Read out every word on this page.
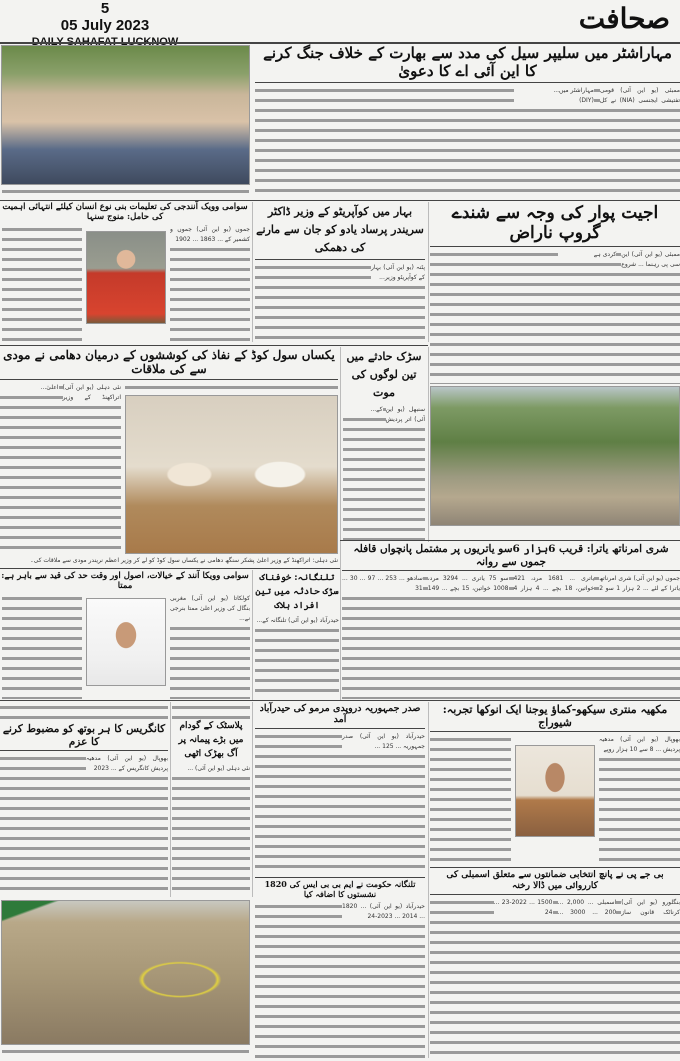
5
05 July 2023	صحافت
مہاراشٹر میں سلیپر سیل کی مدد سے بھارت کے خلاف جنگ کرنے کا این آئی اے کا دعویٰ
ممبئی (یو این آئی) قومی تفتیشی ایجنسی (NIA) نے کل مہاراشٹر میں...
(DIY)
سوامی وویک آنندجی کی تعلیمات بنی نوع انسان کیلئے انتہائی اہمیت کی حامل: منوج سنہا
جموں (یو این آئی) جموں و کشمیر کے ... 1863 ... 1902
بہار میں کوآپریٹو کے وزیر ڈاکٹر سریندر پرساد یادو کو جان سے مارنے کی دھمکی
پٹنہ (یو این آئی) بہار کے کوآپریٹو وزیر...
اجیت پوار کی وجہ سے شندے گروپ ناراض
ممبئی (یو این آئی) این سی پی رہنما ... شروع کردی ہے
یکساں سول کوڈ کے نفاذ کی کوششوں کے درمیان دھامی نے مودی سے کی ملاقات
نئی دہلی (یو این آئی) اتراکھنڈ کے وزیر اعلیٰ...
نئی دہلی: اتراکھنڈ کے وزیر اعلیٰ پشکر سنگھ دھامی نے یکساں سول کوڈ کو لے کر وزیر اعظم نریندر مودی سے ملاقات کی۔
سڑک حادثے میں تین لوگوں کی موت
سنبھل (یو این آئی) اتر پردیش کے...
شری امرناتھ یاترا: قریب 6ہزار 6سو یاتریوں پر مشتمل پانچواں قافلہ جموں سے روانہ
جموں (یو این آئی) شری امرناتھ یاترا کے لئے ... 2 ہزار 1 سو 2 یاتری ... 1681 مرد، 421 خواتین، 18 بچے ... 4 ہزار 4 سو 75 یاتری ... 3294 مرد، 1008 خواتین، 15 بچے ... 149 سادھو ... 253 ... 97 ... 30 ... 31
سوامی وویکا آنند کے خیالات، اصول اور وقت حد کی قید سے باہر ہے: ممتا
کولکاتا (یو این آئی) مغربی بنگال کی وزیر اعلیٰ ممتا بنرجی نے...
تلنگانہ: خوفناک سڑک حادثہ میں تین افراد ہلاک
حیدرآباد (یو این آئی) تلنگانہ کے...
کانگریس کا ہر بوتھ کو مضبوط کرنے کا عزم
بھوپال (یو این آئی) مدھیہ پردیش کانگریس کے ... 2023
پلاسٹک کے گودام میں بڑے پیمانہ پر آگ بھڑک اٹھی
نئی دہلی (یو این آئی) ...
صدر جمہوریہ دروپدی مرمو کی حیدرآباد آمد
حیدرآباد (یو این آئی) صدر جمہوریہ ... 125 ...
تلنگانہ حکومت نے ایم بی بی ایس کی 1820 نشستوں کا اضافہ کیا
حیدرآباد (یو این آئی) ... 1820 ... 2014 ... 2023-24
مکھیہ منتری سیکھو-کماؤ یوجنا ایک انوکھا تجربہ: شیوراج
بھوپال (یو این آئی) مدھیہ پردیش ... 8 سے 10 ہزار روپے
بی جے پی نے پانچ انتخابی ضمانتوں سے متعلق اسمبلی کی کارروائی میں ڈالا رخنہ
بنگلورو (یو این آئی) کرناٹک قانون ساز اسمبلی ... 2,000 ... 200 ... 3000 ... 1500 ... 2022-23 ... 24
